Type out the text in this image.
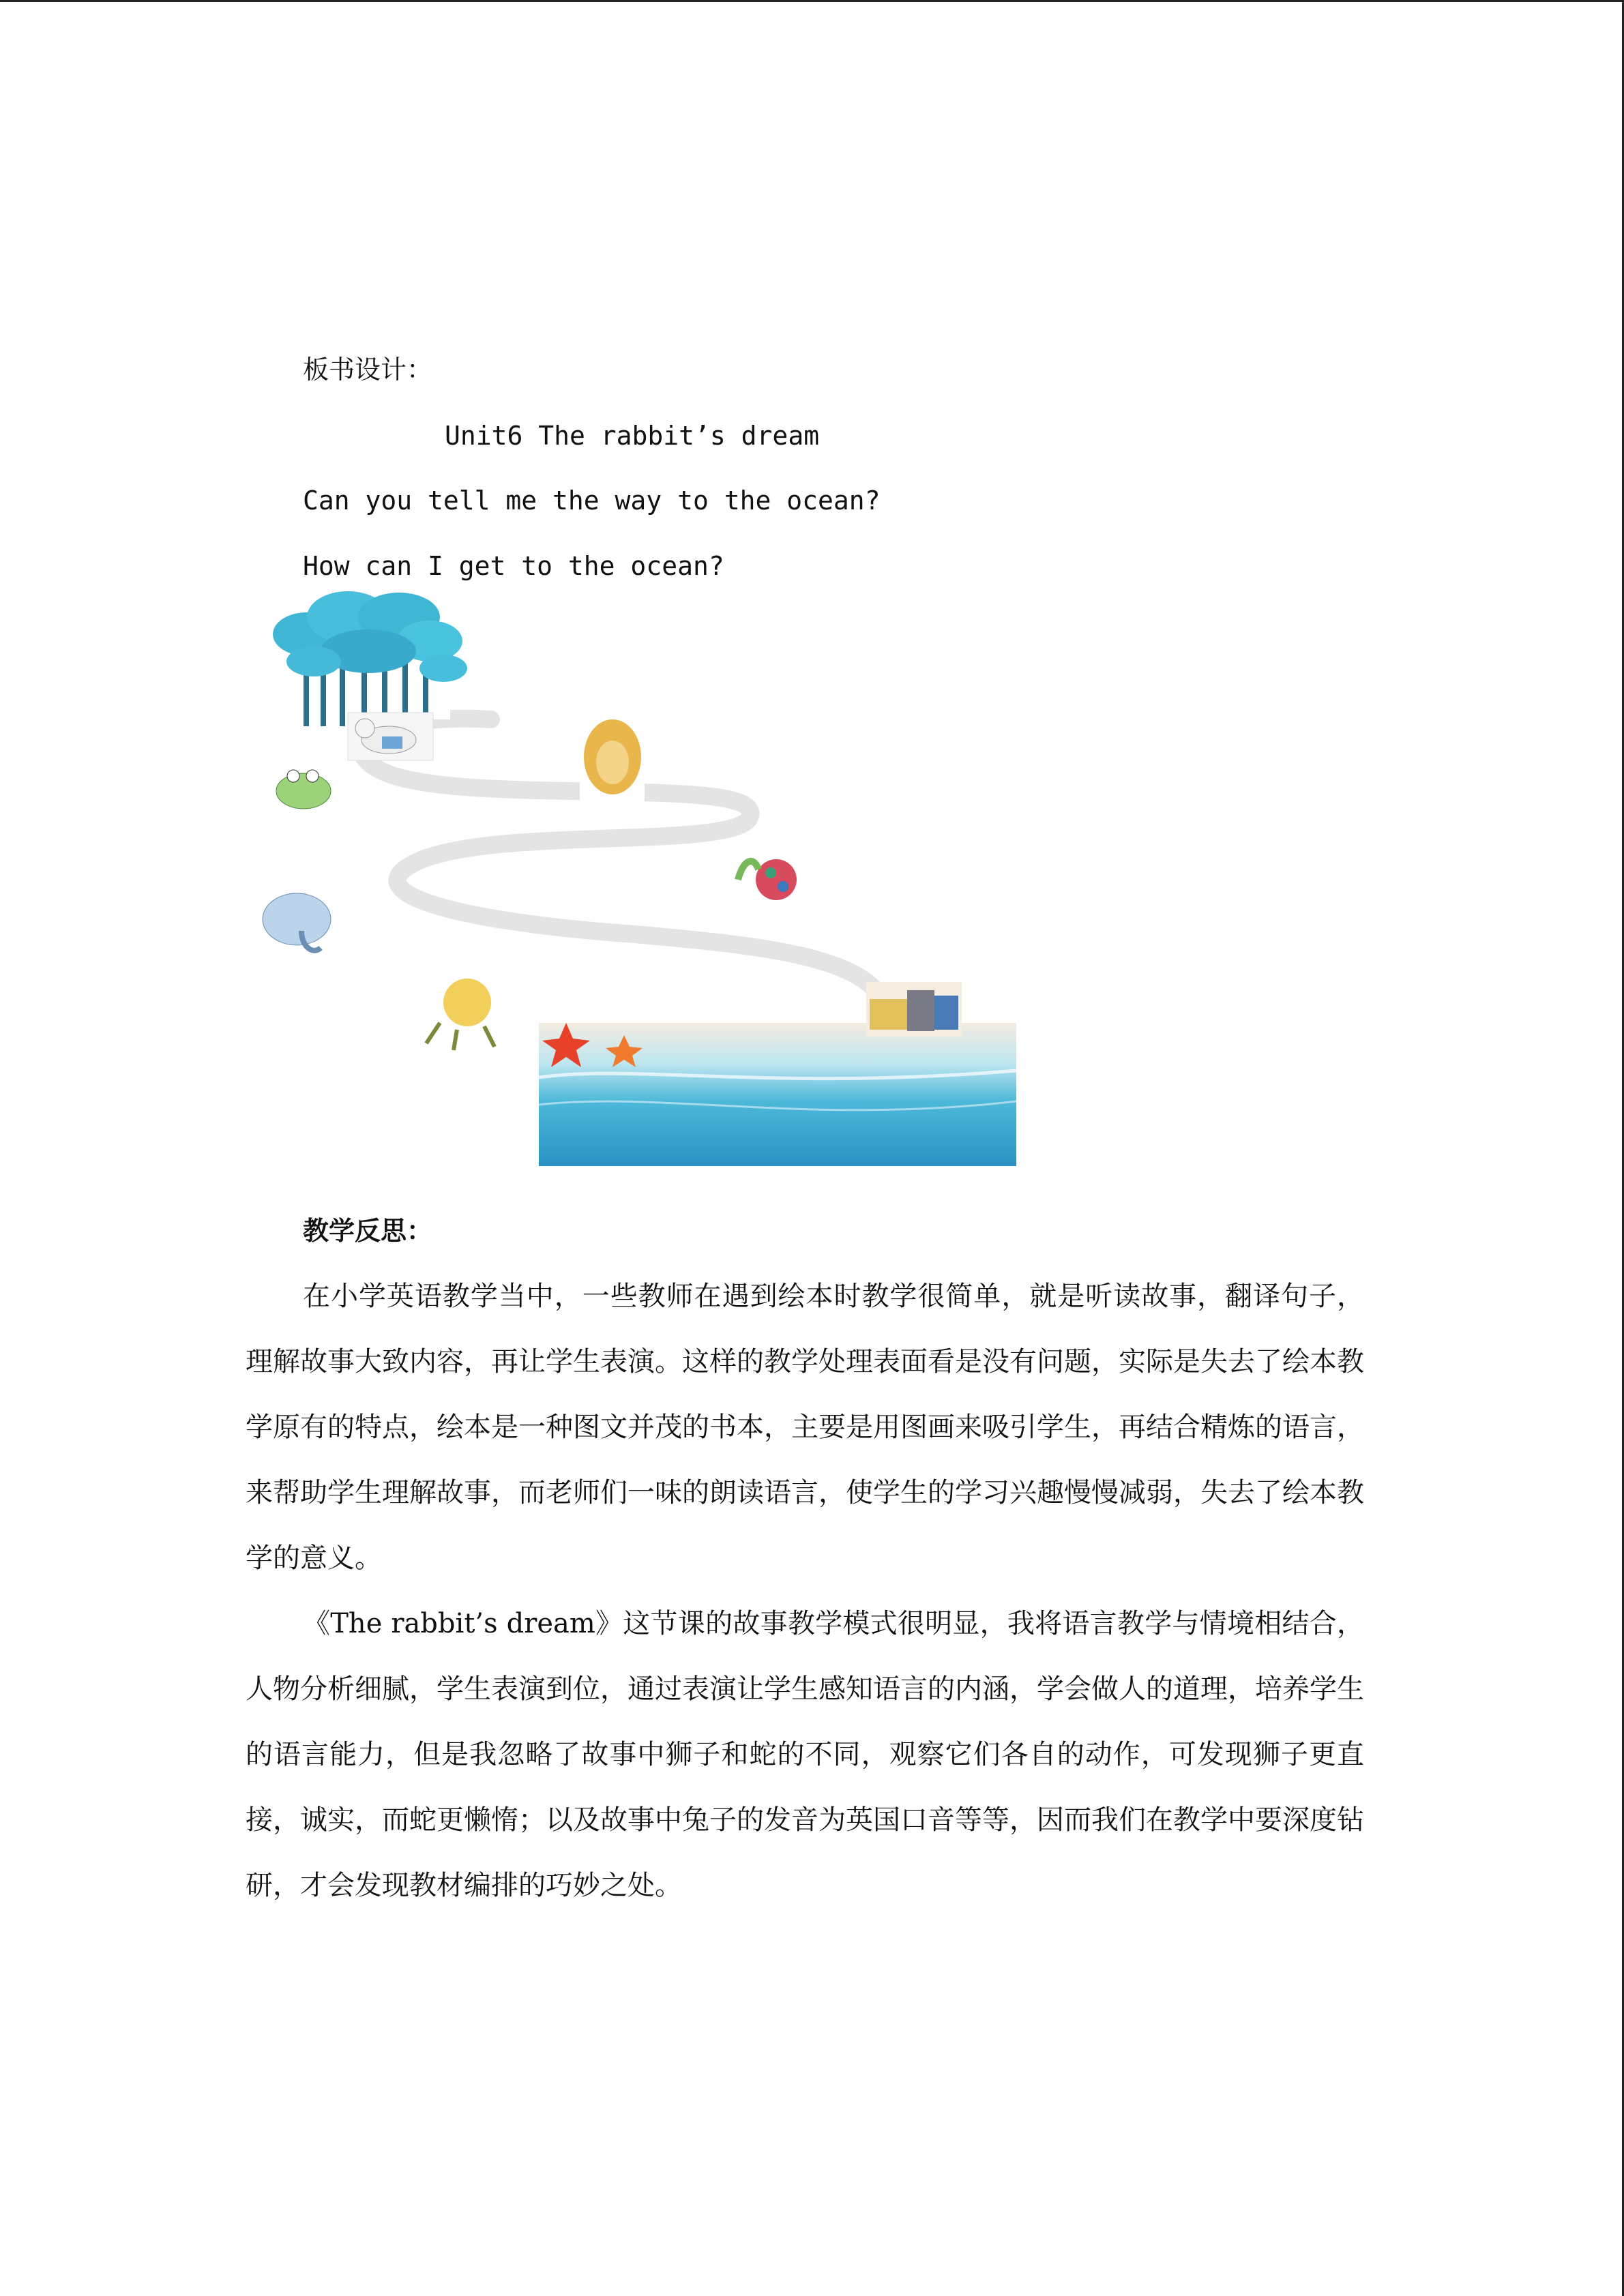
板书设计：
Unit6 The rabbit’s dream
Can you tell me the way to the ocean?
How can I get to the ocean?
教学反思：

在小学英语教学当中，一些教师在遇到绘本时教学很简单，就是听读故事，翻译句子，理解故事大致内容，再让学生表演。这样的教学处理表面看是没有问题，实际是失去了绘本教学原有的特点，绘本是一种图文并茂的书本，主要是用图画来吸引学生，再结合精炼的语言，来帮助学生理解故事，而老师们一味的朗读语言，使学生的学习兴趣慢慢减弱，失去了绘本教学的意义。

《The rabbit’s dream》这节课的故事教学模式很明显，我将语言教学与情境相结合，人物分析细腻，学生表演到位，通过表演让学生感知语言的内涵，学会做人的道理，培养学生的语言能力，但是我忽略了故事中狮子和蛇的不同，观察它们各自的动作，可发现狮子更直接，诚实，而蛇更懒惰；以及故事中兔子的发音为英国口音等等，因而我们在教学中要深度钻研，才会发现教材编排的巧妙之处。
